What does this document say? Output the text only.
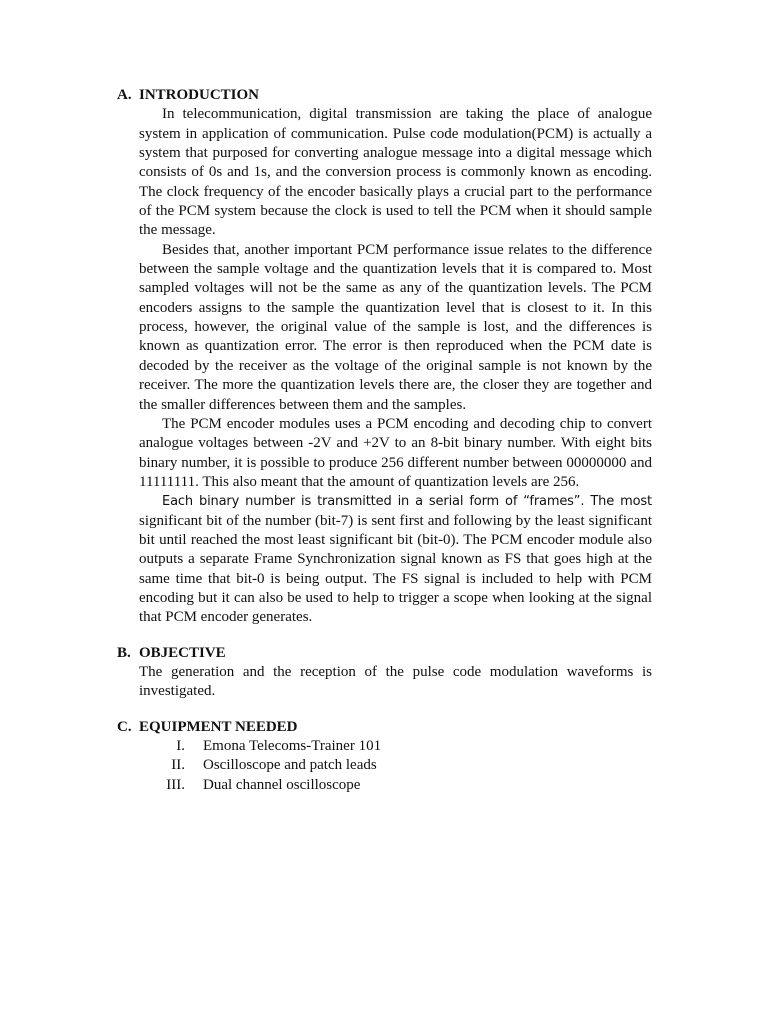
A. INTRODUCTION

In telecommunication, digital transmission are taking the place of analogue system in application of communication. Pulse code modulation(PCM) is actually a system that purposed for converting analogue message into a digital message which consists of 0s and 1s, and the conversion process is commonly known as encoding. The clock frequency of the encoder basically plays a crucial part to the performance of the PCM system because the clock is used to tell the PCM when it should sample the message.

Besides that, another important PCM performance issue relates to the difference between the sample voltage and the quantization levels that it is compared to. Most sampled voltages will not be the same as any of the quantization levels. The PCM encoders assigns to the sample the quantization level that is closest to it. In this process, however, the original value of the sample is lost, and the differences is known as quantization error. The error is then reproduced when the PCM date is decoded by the receiver as the voltage of the original sample is not known by the receiver. The more the quantization levels there are, the closer they are together and the smaller differences between them and the samples.

The PCM encoder modules uses a PCM encoding and decoding chip to convert analogue voltages between -2V and +2V to an 8-bit binary number. With eight bits binary number, it is possible to produce 256 different number between 00000000 and 11111111. This also meant that the amount of quantization levels are 256.

Each binary number is transmitted in a serial form of “frames”. The most significant bit of the number (bit-7) is sent first and following by the least significant bit until reached the most least significant bit (bit-0). The PCM encoder module also outputs a separate Frame Synchronization signal known as FS that goes high at the same time that bit-0 is being output. The FS signal is included to help with PCM encoding but it can also be used to help to trigger a scope when looking at the signal that PCM encoder generates.

B. OBJECTIVE

The generation and the reception of the pulse code modulation waveforms is investigated.

C. EQUIPMENT NEEDED
I. Emona Telecoms-Trainer 101
II. Oscilloscope and patch leads
III. Dual channel oscilloscope
